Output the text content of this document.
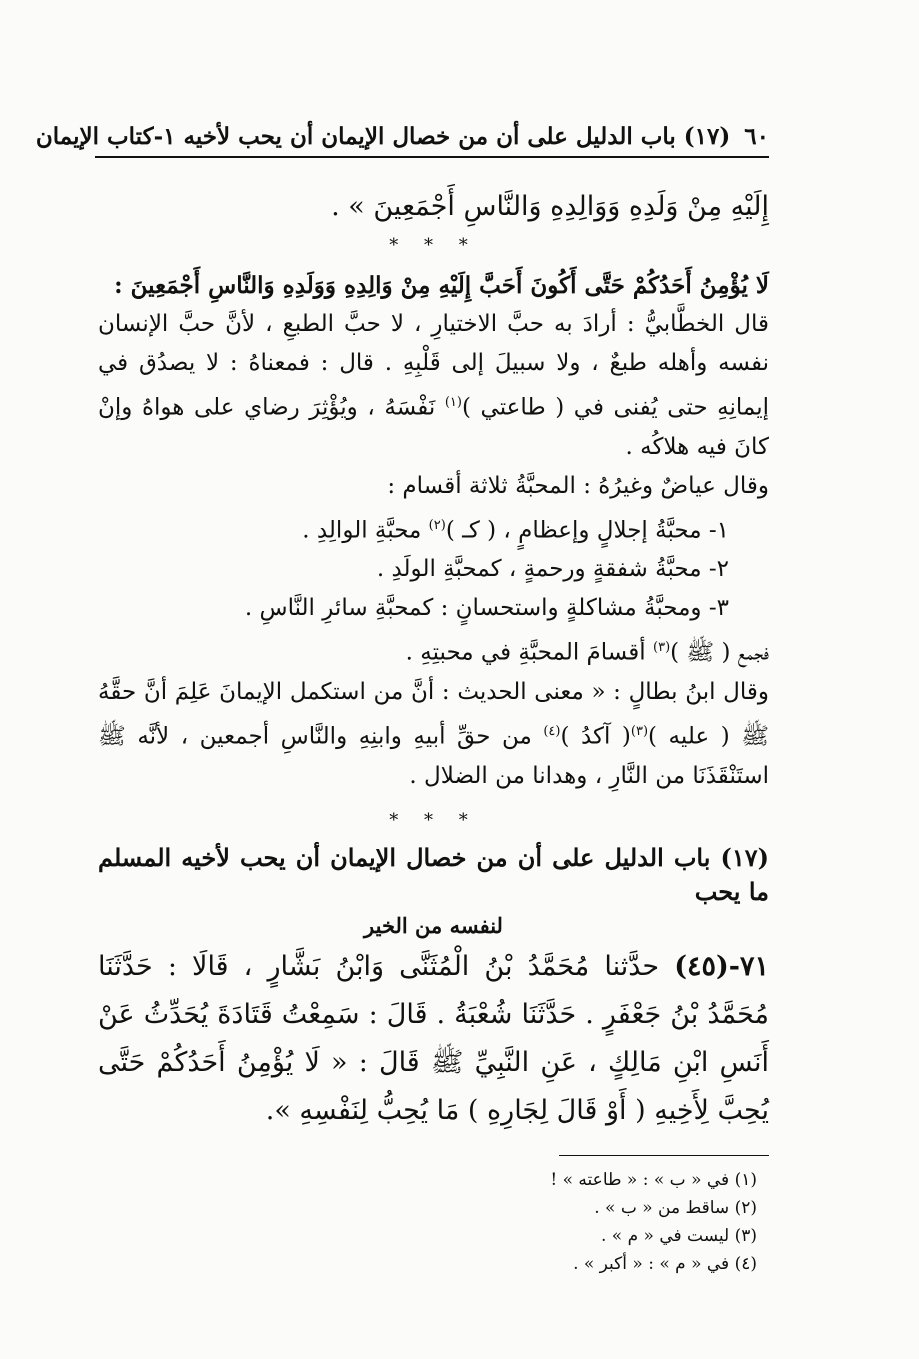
٦٠(١٧) باب الدليل على أن من خصال الإيمان أن يحب لأخيه ١-كتاب الإيمان

إِلَيْهِ مِنْ وَلَدِهِ وَوَالِدِهِ وَالنَّاسِ أَجْمَعِينَ » .

* * *

لَا يُؤْمِنُ أَحَدُكُمْ حَتَّى أَكُونَ أَحَبَّ إِلَيْهِ مِنْ وَالِدِهِ وَوَلَدِهِ وَالنَّاسِ أَجْمَعِينَ :

قال الخطَّابيُّ : أرادَ به حبَّ الاختيارِ ، لا حبَّ الطبعِ ، لأنَّ حبَّ الإنسان نفسه وأهله طبعٌ ، ولا سبيلَ إلى قَلْبِهِ . قال : فمعناهُ : لا يصدُق في إيمانِهِ حتى يُفنى في ( طاعتي )$^{(١)}$ نَفْسَهُ ، ويُؤْثِرَ رضاي على هواهُ وإنْ كانَ فيه هلاكُه .

وقال عياضٌ وغيرُهُ : المحبَّةُ ثلاثة أقسام :

١- محبَّةُ إجلالٍ وإعظامٍ ، ( كـ )$^{(٢)}$ محبَّةِ الوالِدِ .

٢- محبَّةُ شفقةٍ ورحمةٍ ، كمحبَّةِ الولَدِ .

٣- ومحبَّةُ مشاكلةٍ واستحسانٍ : كمحبَّةِ سائرِ النَّاسِ .

فجمع ( ﷺ )$^{(٣)}$ أقسامَ المحبَّةِ في محبتِهِ .

وقال ابنُ بطالٍ : « معنى الحديث : أنَّ من استكمل الإيمانَ عَلِمَ أنَّ حقَّهُ ﷺ ( عليه )$^{(٣)}$( آكدُ )$^{(٤)}$ من حقِّ أبيهِ وابنِهِ والنَّاسِ أجمعين ، لأنَّه ﷺ استَنْقَذَنَا من النَّارِ ، وهدانا من الضلال .

* * *

(١٧) باب الدليل على أن من خصال الإيمان أن يحب لأخيه المسلم ما يحب
لنفسه من الخير

٧١-(٤٥) حدَّثنا مُحَمَّدُ بْنُ الْمُثَنَّى وَابْنُ بَشَّارٍ ، قَالَا : حَدَّثَنَا مُحَمَّدُ بْنُ جَعْفَرٍ . حَدَّثَنَا شُعْبَةُ . قَالَ : سَمِعْتُ قَتَادَةَ يُحَدِّثُ عَنْ أَنَسِ ابْنِ مَالِكٍ ، عَنِ النَّبِيِّ ﷺ قَالَ : « لَا يُؤْمِنُ أَحَدُكُمْ حَتَّى يُحِبَّ لِأَخِيهِ ( أَوْ قَالَ لِجَارِهِ ) مَا يُحِبُّ لِنَفْسِهِ ».

(١) في « ب » : « طاعته » !

(٢) ساقط من « ب » .

(٣) ليست في « م » .

(٤) في « م » : « أكبر » .
